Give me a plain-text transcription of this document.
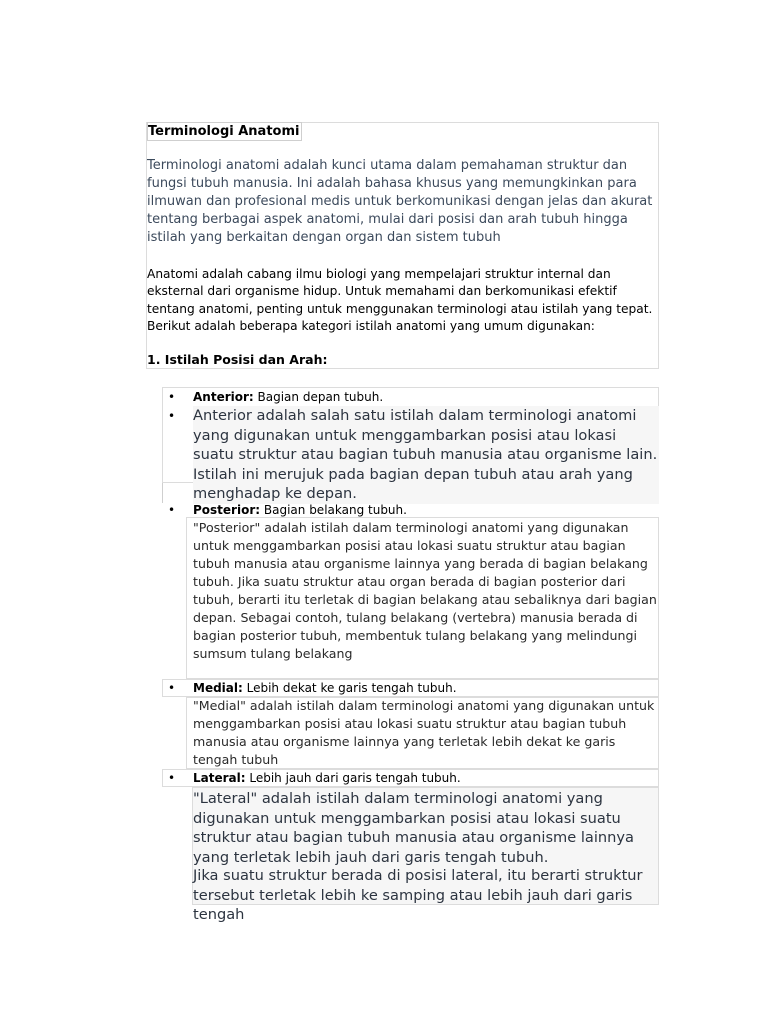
Terminologi Anatomi

Terminologi anatomi adalah kunci utama dalam pemahaman struktur dan fungsi tubuh manusia. Ini adalah bahasa khusus yang memungkinkan para ilmuwan dan profesional medis untuk berkomunikasi dengan jelas dan akurat tentang berbagai aspek anatomi, mulai dari posisi dan arah tubuh hingga istilah yang berkaitan dengan organ dan sistem tubuh

Anatomi adalah cabang ilmu biologi yang mempelajari struktur internal dan eksternal dari organisme hidup. Untuk memahami dan berkomunikasi efektif tentang anatomi, penting untuk menggunakan terminologi atau istilah yang tepat. Berikut adalah beberapa kategori istilah anatomi yang umum digunakan:

1. Istilah Posisi dan Arah:

• Anterior: Bagian depan tubuh.
• Anterior adalah salah satu istilah dalam terminologi anatomi yang digunakan untuk menggambarkan posisi atau lokasi suatu struktur atau bagian tubuh manusia atau organisme lain. Istilah ini merujuk pada bagian depan tubuh atau arah yang menghadap ke depan.

• Posterior: Bagian belakang tubuh.

"Posterior" adalah istilah dalam terminologi anatomi yang digunakan untuk menggambarkan posisi atau lokasi suatu struktur atau bagian tubuh manusia atau organisme lainnya yang berada di bagian belakang tubuh. Jika suatu struktur atau organ berada di bagian posterior dari tubuh, berarti itu terletak di bagian belakang atau sebaliknya dari bagian depan. Sebagai contoh, tulang belakang (vertebra) manusia berada di bagian posterior tubuh, membentuk tulang belakang yang melindungi sumsum tulang belakang

• Medial: Lebih dekat ke garis tengah tubuh.

"Medial" adalah istilah dalam terminologi anatomi yang digunakan untuk menggambarkan posisi atau lokasi suatu struktur atau bagian tubuh manusia atau organisme lainnya yang terletak lebih dekat ke garis tengah tubuh

• Lateral: Lebih jauh dari garis tengah tubuh.

"Lateral" adalah istilah dalam terminologi anatomi yang digunakan untuk menggambarkan posisi atau lokasi suatu struktur atau bagian tubuh manusia atau organisme lainnya yang terletak lebih jauh dari garis tengah tubuh.

Jika suatu struktur berada di posisi lateral, itu berarti struktur tersebut terletak lebih ke samping atau lebih jauh dari garis tengah
